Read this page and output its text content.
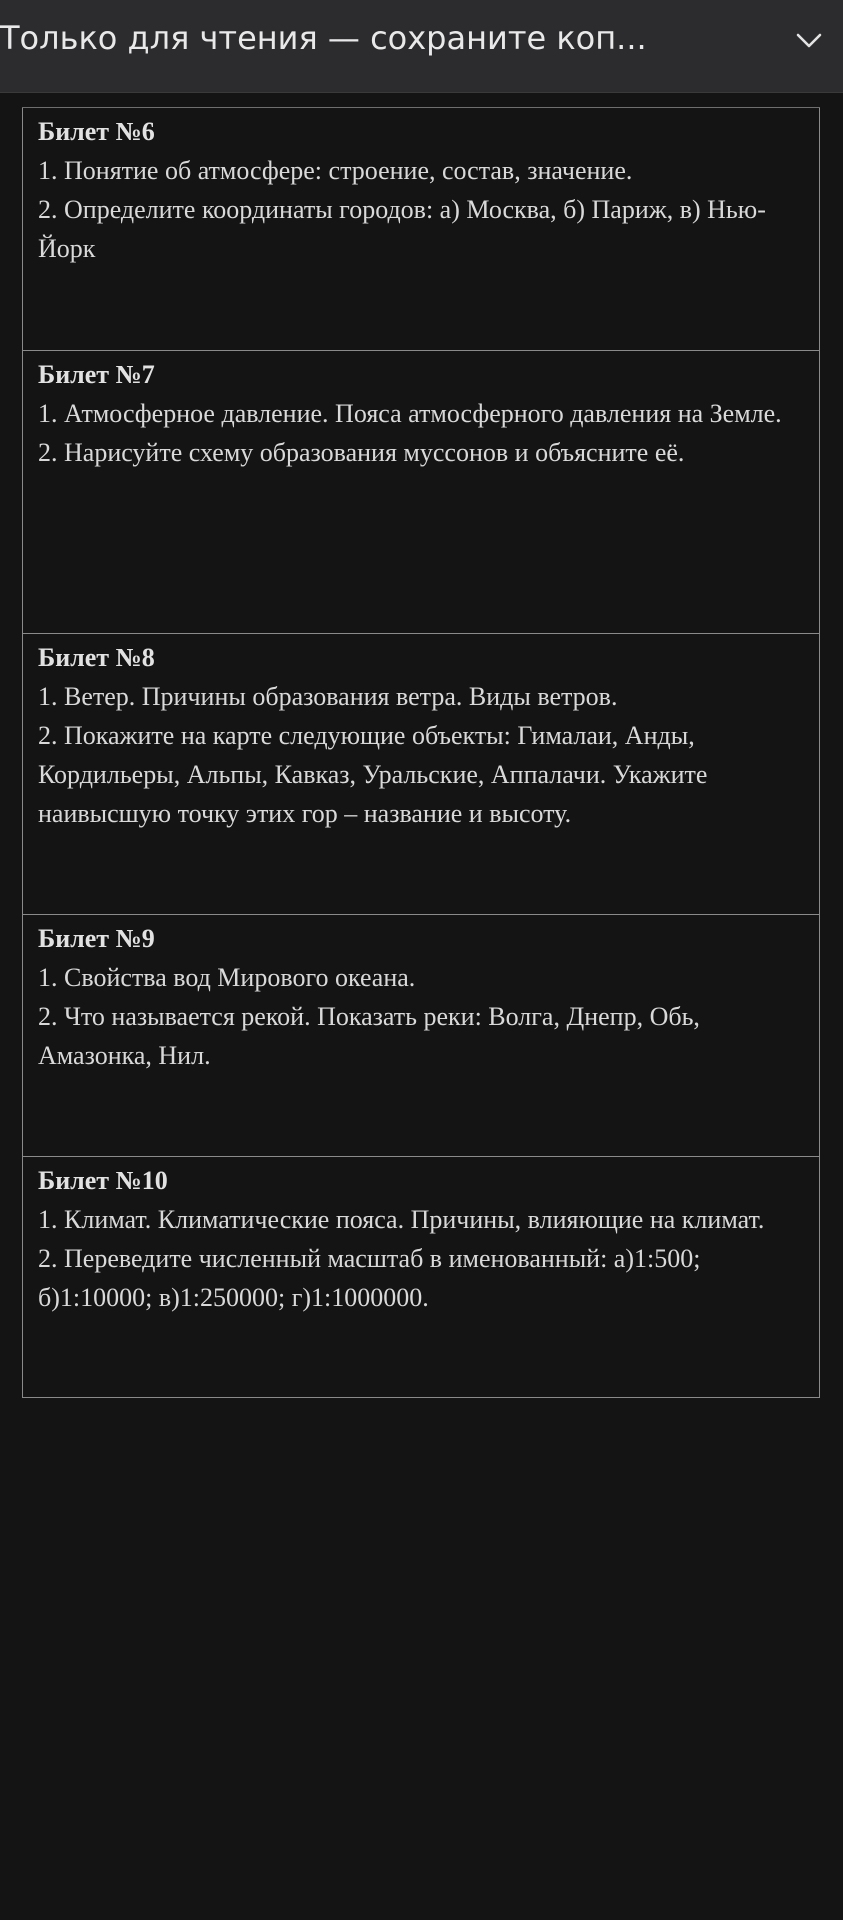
Только для чтения — сохраните коп...
Билет №6

1. Понятие об атмосфере: строение, состав, значение.

2. Определите координаты городов: а) Москва, б) Париж, в) Нью-Йорк

Билет №7

1. Атмосферное давление. Пояса атмосферного давления на Земле.

2. Нарисуйте схему образования муссонов и объясните её.

Билет №8

1. Ветер. Причины образования ветра. Виды ветров.

2. Покажите на карте следующие объекты: Гималаи, Анды, Кордильеры, Альпы, Кавказ, Уральские, Аппалачи. Укажите наивысшую точку этих гор – название и высоту.

Билет №9

1. Свойства вод Мирового океана.

2. Что называется рекой. Показать реки: Волга, Днепр, Обь, Амазонка, Нил.

Билет №10

1. Климат. Климатические пояса. Причины, влияющие на климат.

2. Переведите численный масштаб в именованный: а)1:500; б)1:10000; в)1:250000; г)1:1000000.
